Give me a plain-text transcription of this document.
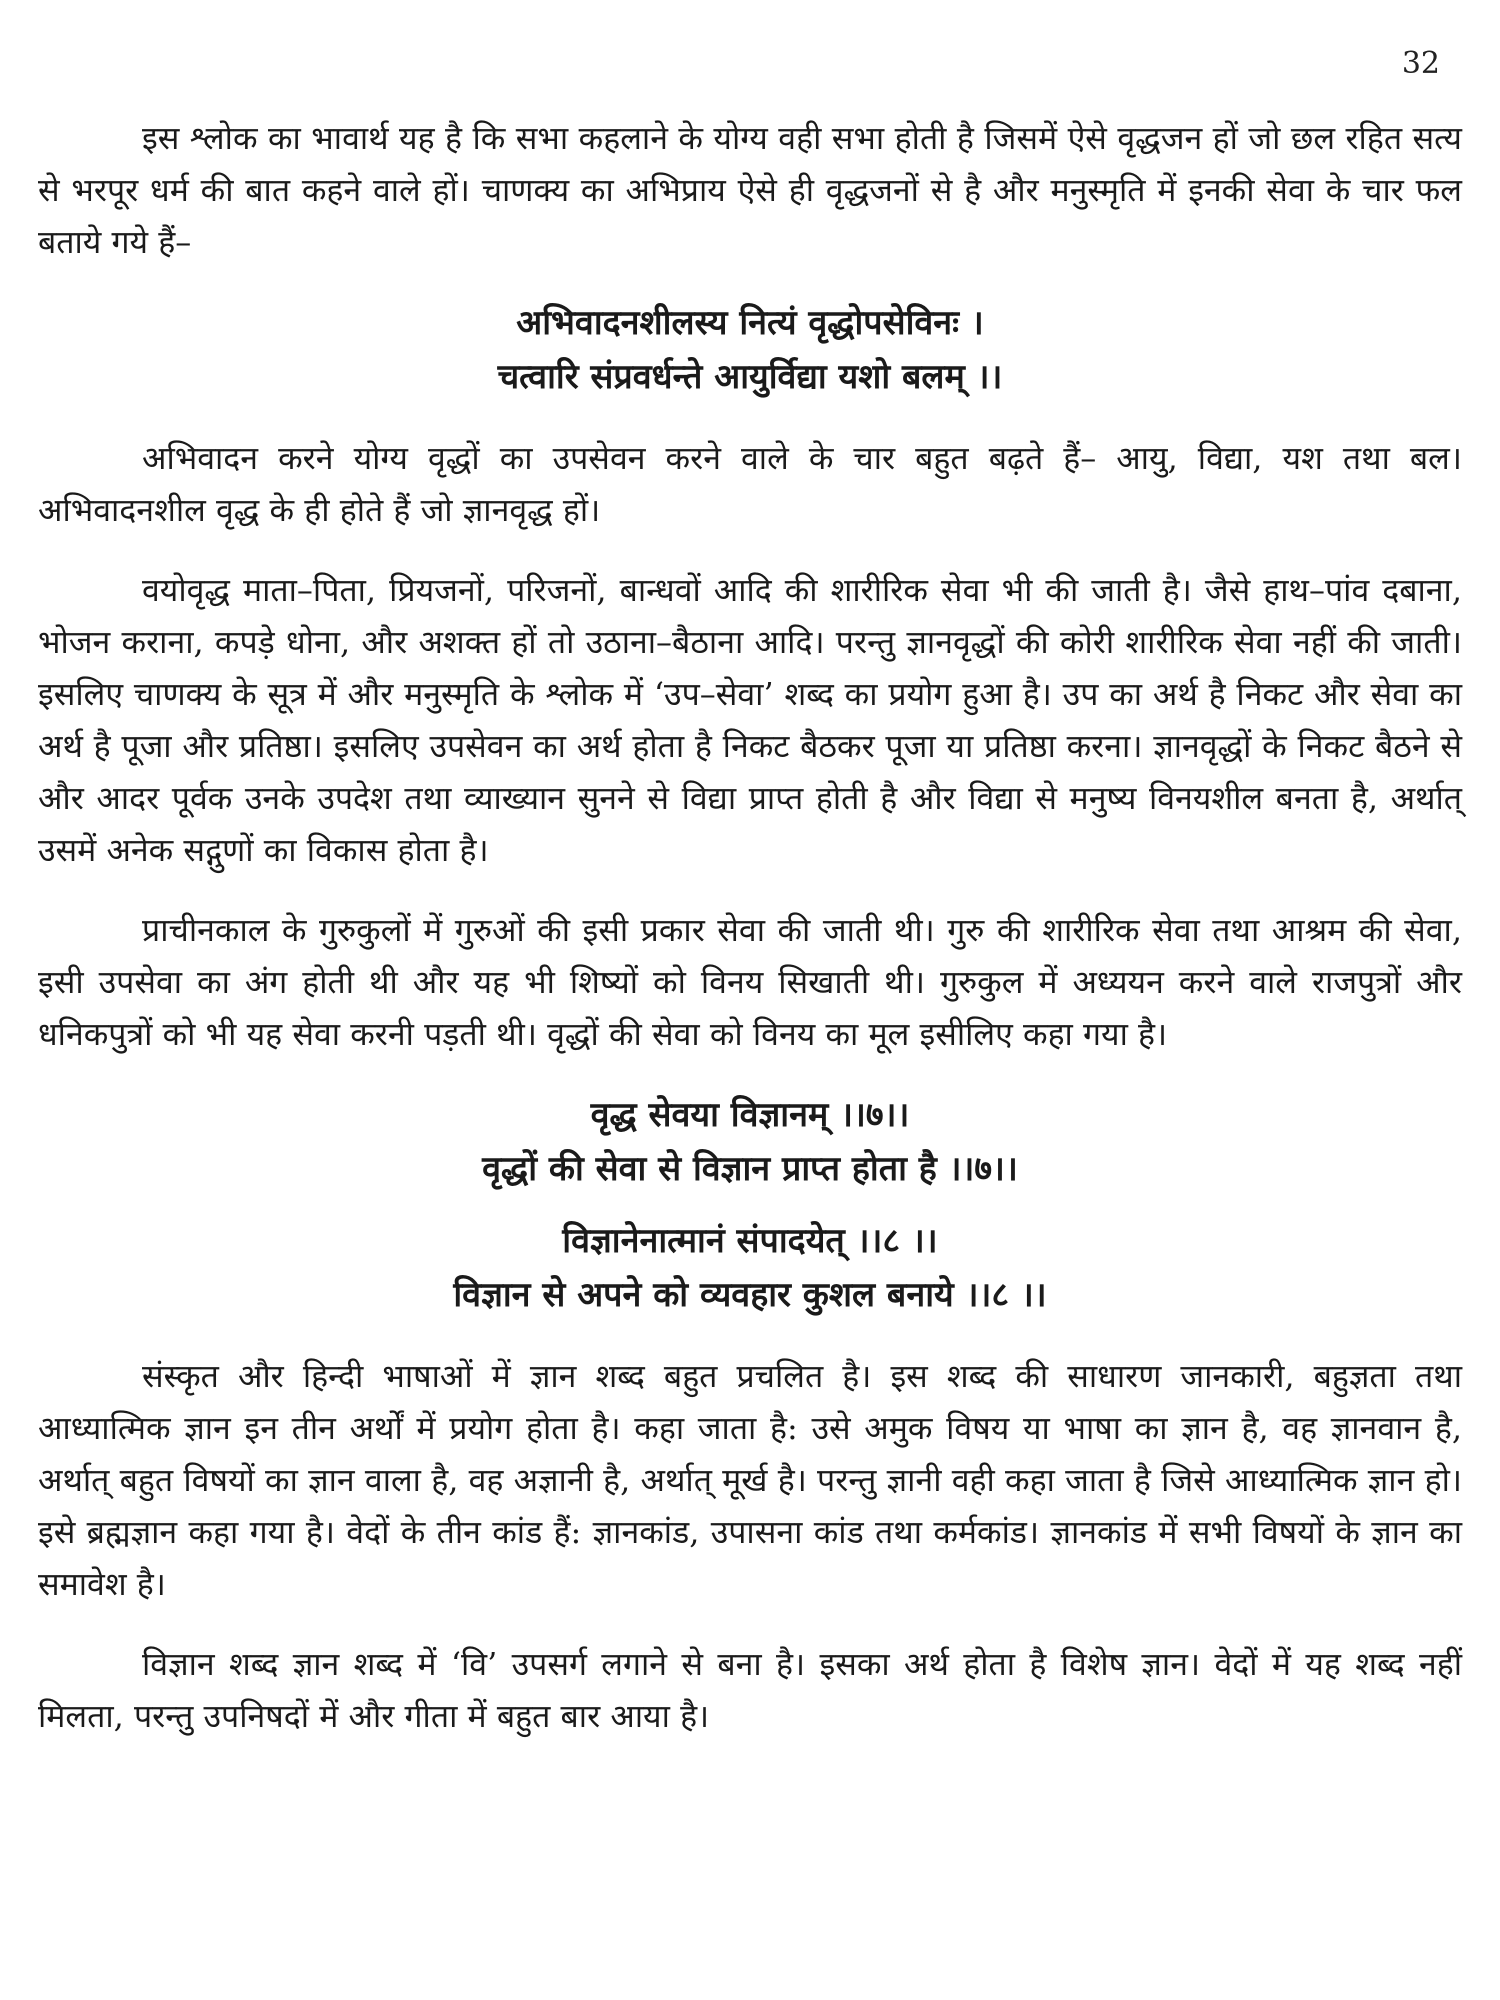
32

इस श्लोक का भावार्थ यह है कि सभा कहलाने के योग्य वही सभा होती है जिसमें ऐसे वृद्धजन हों जो छल रहित सत्य से भरपूर धर्म की बात कहने वाले हों। चाणक्य का अभिप्राय ऐसे ही वृद्धजनों से है और मनुस्मृति में इनकी सेवा के चार फल बताये गये हैं–

अभिवादनशीलस्य नित्यं वृद्धोपसेविनः ।
चत्वारि संप्रवर्धन्ते आयुर्विद्या यशो बलम् ।।

अभिवादन करने योग्य वृद्धों का उपसेवन करने वाले के चार बहुत बढ़ते हैं– आयु, विद्या, यश तथा बल। अभिवादनशील वृद्ध के ही होते हैं जो ज्ञानवृद्ध हों।

वयोवृद्ध माता–पिता, प्रियजनों, परिजनों, बान्धवों आदि की शारीरिक सेवा भी की जाती है। जैसे हाथ–पांव दबाना, भोजन कराना, कपड़े धोना, और अशक्त हों तो उठाना–बैठाना आदि। परन्तु ज्ञानवृद्धों की कोरी शारीरिक सेवा नहीं की जाती। इसलिए चाणक्य के सूत्र में और मनुस्मृति के श्लोक में ‘उप–सेवा’ शब्द का प्रयोग हुआ है। उप का अर्थ है निकट और सेवा का अर्थ है पूजा और प्रतिष्ठा। इसलिए उपसेवन का अर्थ होता है निकट बैठकर पूजा या प्रतिष्ठा करना। ज्ञानवृद्धों के निकट बैठने से और आदर पूर्वक उनके उपदेश तथा व्याख्यान सुनने से विद्या प्राप्त होती है और विद्या से मनुष्य विनयशील बनता है, अर्थात् उसमें अनेक सद्गुणों का विकास होता है।

प्राचीनकाल के गुरुकुलों में गुरुओं की इसी प्रकार सेवा की जाती थी। गुरु की शारीरिक सेवा तथा आश्रम की सेवा, इसी उपसेवा का अंग होती थी और यह भी शिष्यों को विनय सिखाती थी। गुरुकुल में अध्ययन करने वाले राजपुत्रों और धनिकपुत्रों को भी यह सेवा करनी पड़ती थी। वृद्धों की सेवा को विनय का मूल इसीलिए कहा गया है।

वृद्ध सेवया विज्ञानम् ।।७।।
वृद्धों की सेवा से विज्ञान प्राप्त होता है ।।७।।
विज्ञानेनात्मानं संपादयेत् ।।८ ।।
विज्ञान से अपने को व्यवहार कुशल बनाये ।।८ ।।

संस्कृत और हिन्दी भाषाओं में ज्ञान शब्द बहुत प्रचलित है। इस शब्द की साधारण जानकारी, बहुज्ञता तथा आध्यात्मिक ज्ञान इन तीन अर्थों में प्रयोग होता है। कहा जाता है: उसे अमुक विषय या भाषा का ज्ञान है, वह ज्ञानवान है, अर्थात् बहुत विषयों का ज्ञान वाला है, वह अज्ञानी है, अर्थात् मूर्ख है। परन्तु ज्ञानी वही कहा जाता है जिसे आध्यात्मिक ज्ञान हो। इसे ब्रह्मज्ञान कहा गया है। वेदों के तीन कांड हैं: ज्ञानकांड, उपासना कांड तथा कर्मकांड। ज्ञानकांड में सभी विषयों के ज्ञान का समावेश है।

विज्ञान शब्द ज्ञान शब्द में ‘वि’ उपसर्ग लगाने से बना है। इसका अर्थ होता है विशेष ज्ञान। वेदों में यह शब्द नहीं मिलता, परन्तु उपनिषदों में और गीता में बहुत बार आया है।
